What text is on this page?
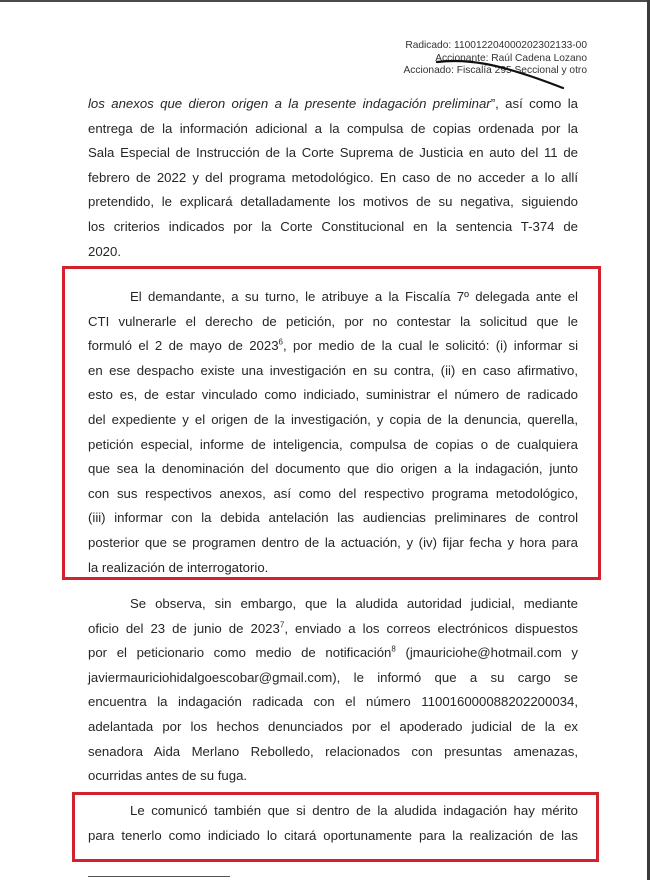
Radicado: 110012204000202302133-00
Accionante: Raúl Cadena Lozano
Accionado: Fiscalía 295 Seccional y otro
los anexos que dieron origen a la presente indagación preliminar”, así como la
entrega de la información adicional a la compulsa de copias ordenada por la
Sala Especial de Instrucción de la Corte Suprema de Justicia en auto del 11 de
febrero de 2022 y del programa metodológico. En caso de no acceder a lo allí
pretendido, le explicará detalladamente los motivos de su negativa, siguiendo
los criterios indicados por la Corte Constitucional en la sentencia T-374 de
2020.
El demandante, a su turno, le atribuye a la Fiscalía 7º delegada ante el
CTI vulnerarle el derecho de petición, por no contestar la solicitud que le
formuló el 2 de mayo de 2023$^6$, por medio de la cual le solicitó: (i) informar si
en ese despacho existe una investigación en su contra, (ii) en caso afirmativo,
esto es, de estar vinculado como indiciado, suministrar el número de radicado
del expediente y el origen de la investigación, y copia de la denuncia, querella,
petición especial, informe de inteligencia, compulsa de copias o de cualquiera
que sea la denominación del documento que dio origen a la indagación, junto
con sus respectivos anexos, así como del respectivo programa metodológico,
(iii) informar con la debida antelación las audiencias preliminares de control
posterior que se programen dentro de la actuación, y (iv) fijar fecha y hora para
la realización de interrogatorio.
Se observa, sin embargo, que la aludida autoridad judicial, mediante
oficio del 23 de junio de 2023$^7$, enviado a los correos electrónicos dispuestos
por el peticionario como medio de notificación$^8$ (jmauriciohe@hotmail.com y
javiermauriciohidalgoescobar@gmail.com), le informó que a su cargo se
encuentra la indagación radicada con el número 110016000088202200034,
adelantada por los hechos denunciados por el apoderado judicial de la ex
senadora Aida Merlano Rebolledo, relacionados con presuntas amenazas,
ocurridas antes de su fuga.
Le comunicó también que si dentro de la aludida indagación hay mérito
para tenerlo como indiciado lo citará oportunamente para la realización de las
